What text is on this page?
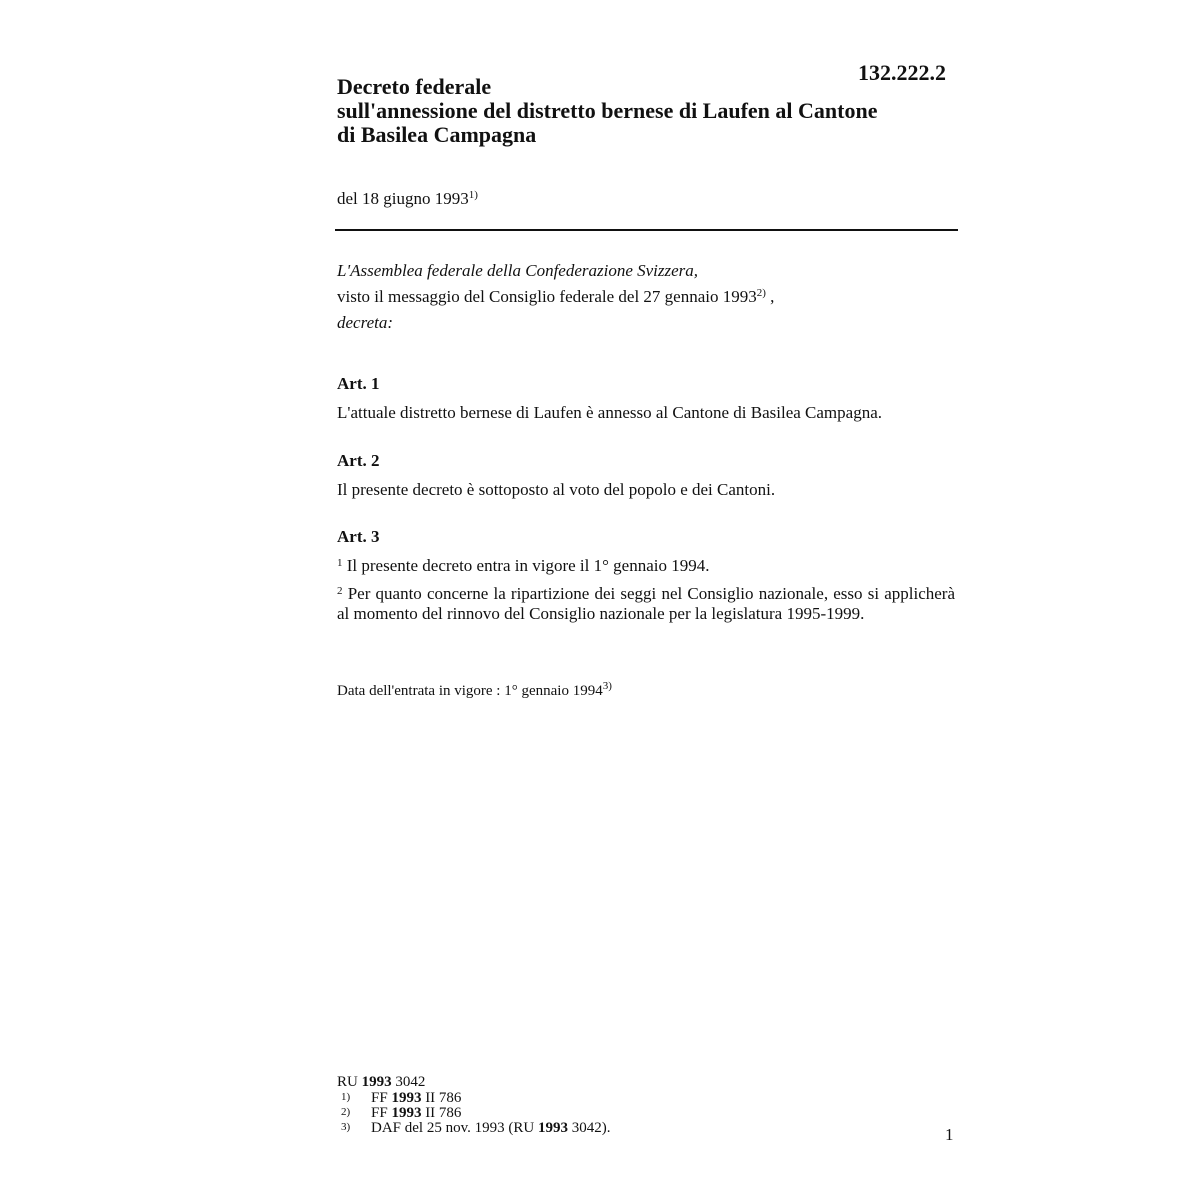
132.222.2
Decreto federale
sull'annessione del distretto bernese di Laufen al Cantone
di Basilea Campagna
del 18 giugno 1993$^{1)}$
L'Assemblea federale della Confederazione Svizzera,
visto il messaggio del Consiglio federale del 27 gennaio 1993$^{2)}$ ,
decreta:
Art. 1
L'attuale distretto bernese di Laufen è annesso al Cantone di Basilea Campagna.
Art. 2
Il presente decreto è sottoposto al voto del popolo e dei Cantoni.
Art. 3
$^1$ Il presente decreto entra in vigore il 1° gennaio 1994.
$^2$ Per quanto concerne la ripartizione dei seggi nel Consiglio nazionale, esso si applicherà al momento del rinnovo del Consiglio nazionale per la legislatura 1995-1999.
Data dell'entrata in vigore : 1° gennaio 1994$^{3)}$
RU 1993 3042
1)	FF 1993 II 786
2)	FF 1993 II 786
3)	DAF del 25 nov. 1993 (RU 1993 3042).	1
